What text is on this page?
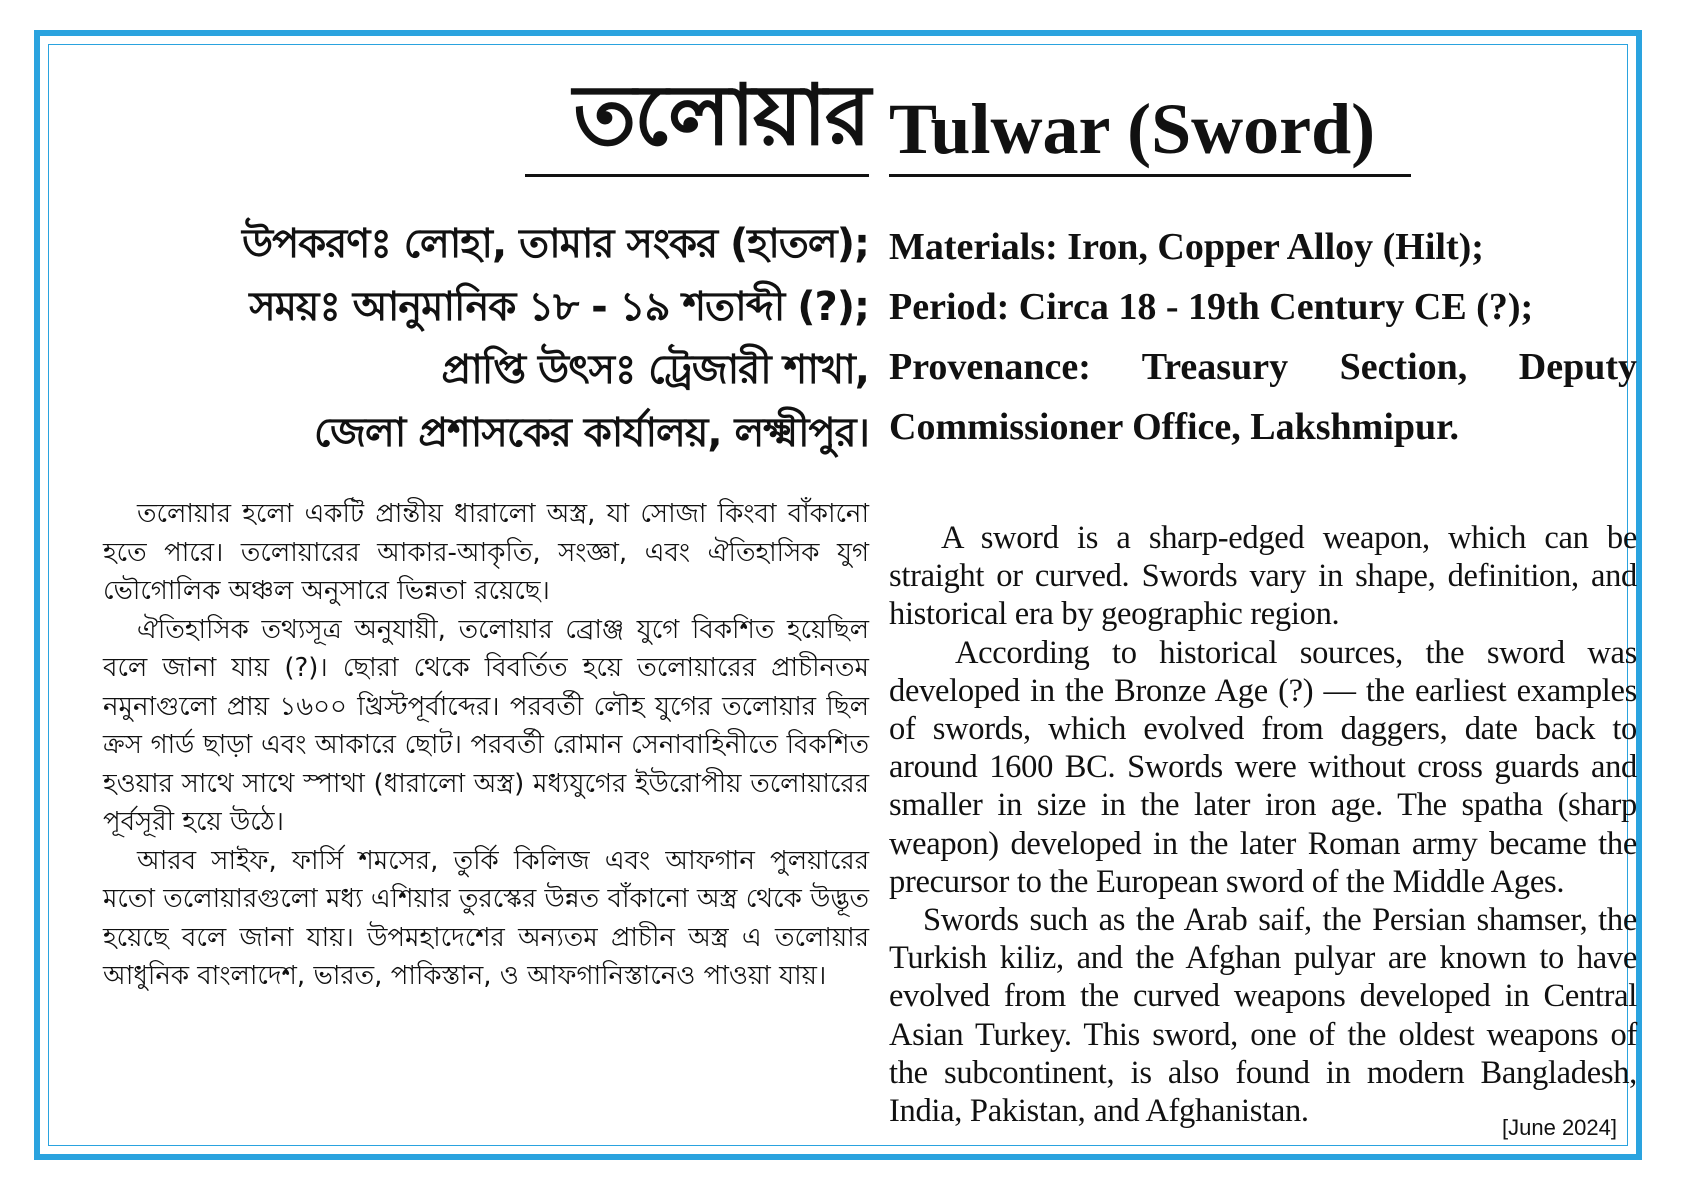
তলোয়ার
উপকরণঃ লোহা, তামার সংকর (হাতল);
সময়ঃ আনুমানিক ১৮ - ১৯ শতাব্দী (?);
প্রাপ্তি উৎসঃ ট্রেজারী শাখা,
জেলা প্রশাসকের কার্যালয়, লক্ষ্মীপুর।

তলোয়ার হলো একটি প্রান্তীয় ধারালো অস্ত্র, যা সোজা কিংবা বাঁকানো হতে পারে। তলোয়ারের আকার-আকৃতি, সংজ্ঞা, এবং ঐতিহাসিক যুগ ভৌগোলিক অঞ্চল অনুসারে ভিন্নতা রয়েছে।

ঐতিহাসিক তথ্যসূত্র অনুযায়ী, তলোয়ার ব্রোঞ্জ যুগে বিকশিত হয়েছিল বলে জানা যায় (?)। ছোরা থেকে বিবর্তিত হয়ে তলোয়ারের প্রাচীনতম নমুনাগুলো প্রায় ১৬০০ খ্রিস্টপূর্বাব্দের। পরবর্তী লৌহ যুগের তলোয়ার ছিল ক্রস গার্ড ছাড়া এবং আকারে ছোট। পরবর্তী রোমান সেনাবাহিনীতে বিকশিত হওয়ার সাথে সাথে স্পাথা (ধারালো অস্ত্র) মধ্যযুগের ইউরোপীয় তলোয়ারের পূর্বসূরী হয়ে উঠে।

আরব সাইফ, ফার্সি শমসের, তুর্কি কিলিজ এবং আফগান পুলয়ারের মতো তলোয়ারগুলো মধ্য এশিয়ার তুরস্কের উন্নত বাঁকানো অস্ত্র থেকে উদ্ভূত হয়েছে বলে জানা যায়। উপমহাদেশের অন্যতম প্রাচীন অস্ত্র এ তলোয়ার আধুনিক বাংলাদেশ, ভারত, পাকিস্তান, ও আফগানিস্তানেও পাওয়া যায়।

Tulwar (Sword)
Materials: Iron, Copper Alloy (Hilt);
Period: Circa 18 - 19th Century CE (?);
Provenance: Treasury Section, Deputy
Commissioner Office, Lakshmipur.

A sword is a sharp-edged weapon, which can be straight or curved. Swords vary in shape, definition, and historical era by geographic region.

According to historical sources, the sword was developed in the Bronze Age (?) — the earliest examples of swords, which evolved from daggers, date back to around 1600 BC. Swords were without cross guards and smaller in size in the later iron age. The spatha (sharp weapon) developed in the later Roman army became the precursor to the European sword of the Middle Ages.

Swords such as the Arab saif, the Persian shamser, the Turkish kiliz, and the Afghan pulyar are known to have evolved from the curved weapons developed in Central Asian Turkey. This sword, one of the oldest weapons of the subcontinent, is also found in modern Bangladesh, India, Pakistan, and Afghanistan.	[June 2024]
